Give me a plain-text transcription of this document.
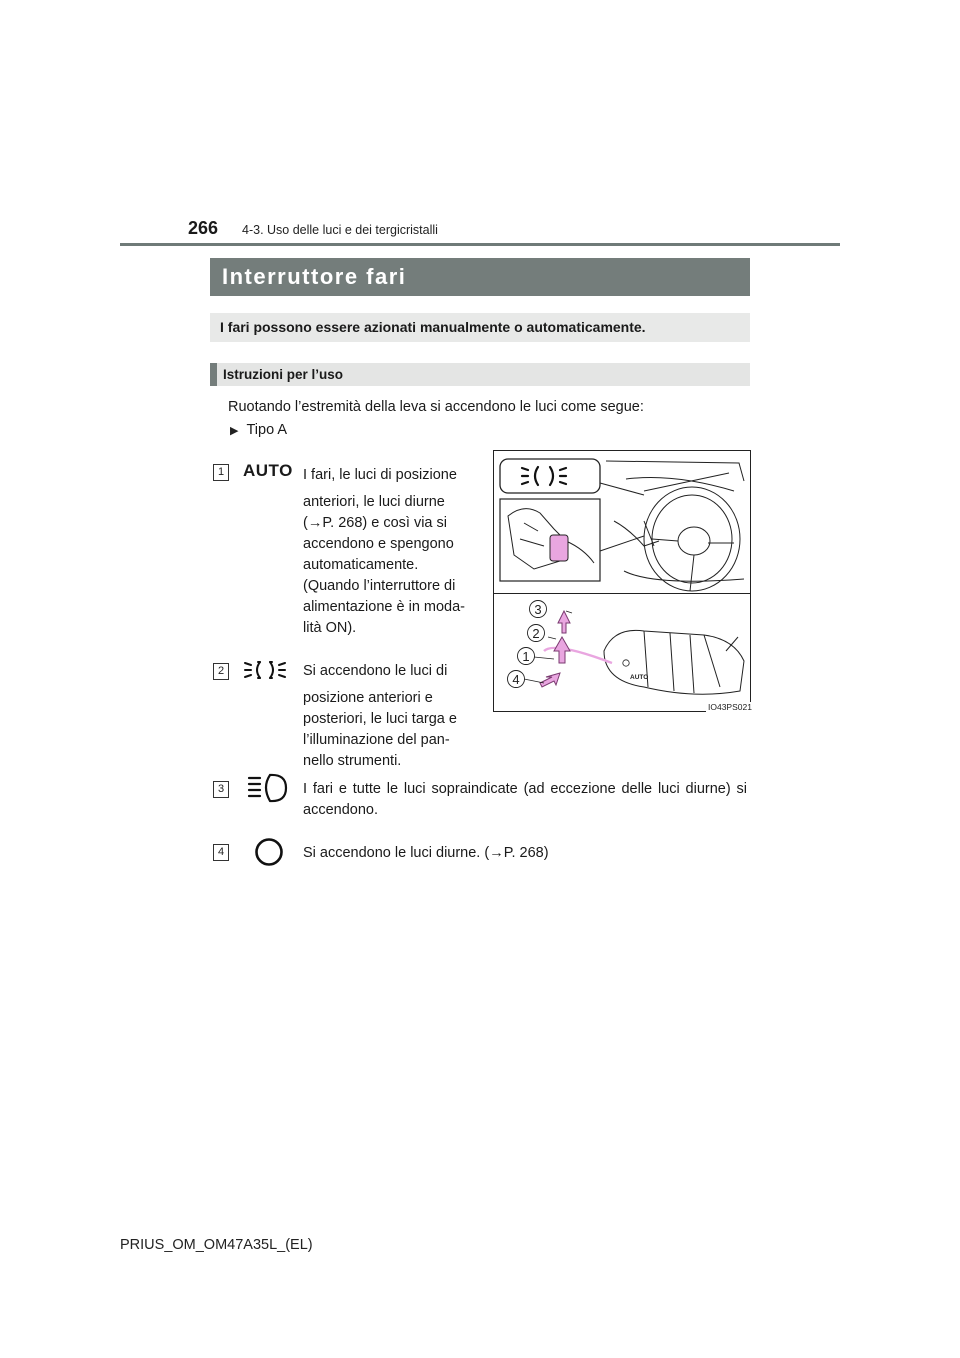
266 4-3. Uso delle luci e dei tergicristalli
Interruttore fari
I fari possono essere azionati manualmente o automaticamente.
Istruzioni per l’uso
Ruotando l’estremità della leva si accendono le luci come segue:
▶ Tipo A
1 AUTO I fari, le luci di posizione
anteriori, le luci diurne
(→P. 268) e così via si
accendono e spengono
automaticamente.
(Quando l’interruttore di
alimentazione è in moda-
lità ON).
2	Si accendono le luci di
posizione anteriori e
posteriori, le luci targa e
l’illuminazione del pan-
nello strumenti.
AUTO
3
2
1
4
IO43PS021
3	I fari e tutte le luci sopraindicate (ad eccezione delle luci diurne) si accendono.
4	Si accendono le luci diurne. (→P. 268)
PRIUS_OM_OM47A35L_(EL)
